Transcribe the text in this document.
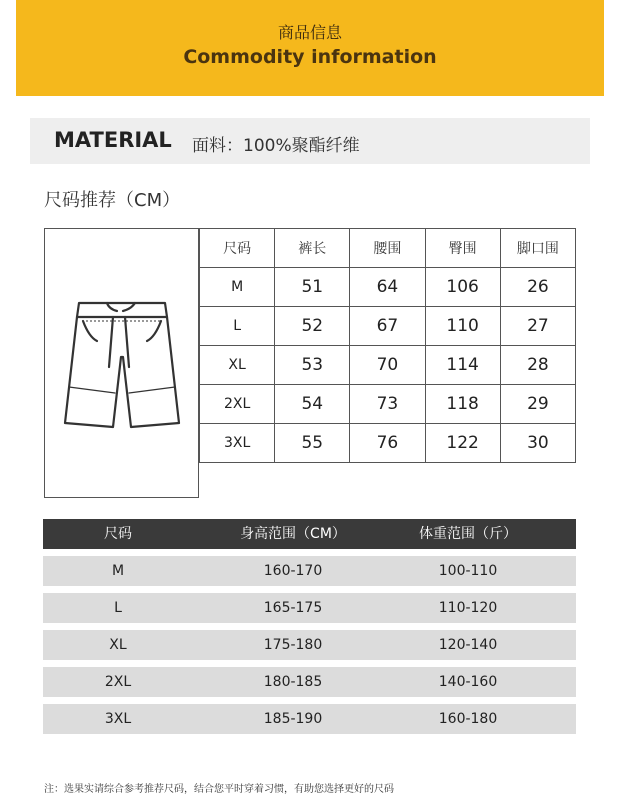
商品信息
Commodity information
MATERIAL 面料：100%聚酯纤维
尺码推荐（CM）
尺码	裤长	腰围	臀围	脚口围
M	51	64	106	26
L	52	67	110	27
XL	53	70	114	28
2XL	54	73	118	29
3XL	55	76	122	30
尺码	身高范围（CM）	体重范围（斤）
M	160-170	100-110
L	165-175	110-120
XL	175-180	120-140
2XL	180-185	140-160
3XL	185-190	160-180
注：选果实请综合参考推荐尺码，结合您平时穿着习惯，有助您选择更好的尺码
